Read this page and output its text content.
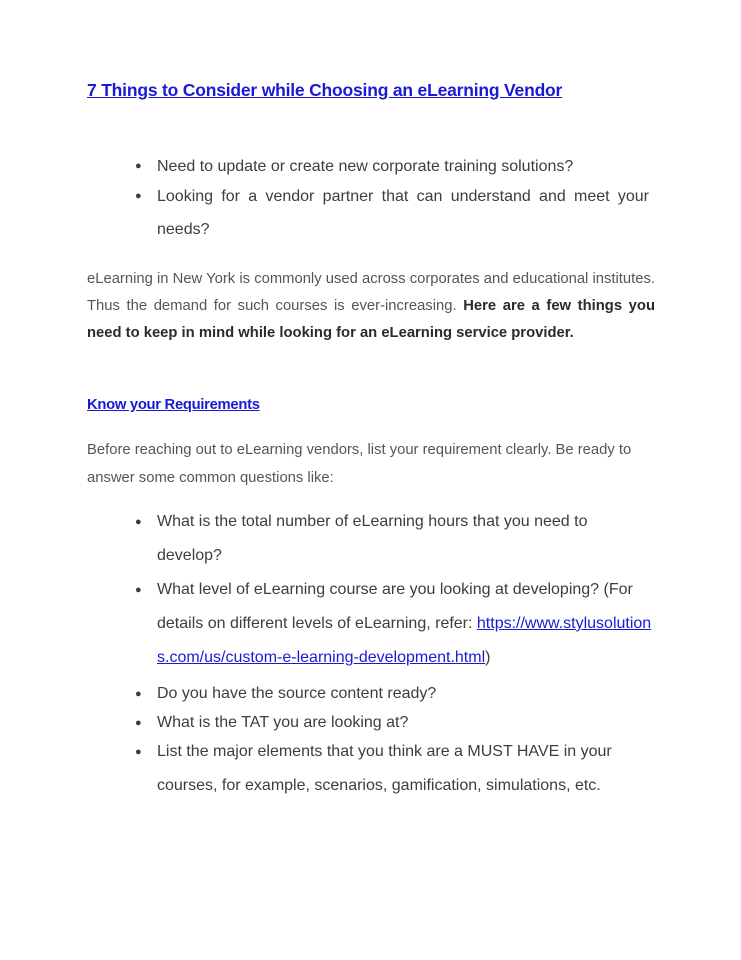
7 Things to Consider while Choosing an eLearning Vendor
● Need to update or create new corporate training solutions?
● Looking for a vendor partner that can understand and meet your needs?

eLearning in New York is commonly used across corporates and educational institutes. Thus the demand for such courses is ever-increasing. Here are a few things you need to keep in mind while looking for an eLearning service provider.

Know your Requirements

Before reaching out to eLearning vendors, list your requirement clearly. Be ready to answer some common questions like:

● What is the total number of eLearning hours that you need to develop?
● What level of eLearning course are you looking at developing? (For details on different levels of eLearning, refer: https://www.stylusolutions.com/us/custom-e-learning-development.html)
● Do you have the source content ready?
● What is the TAT you are looking at?
● List the major elements that you think are a MUST HAVE in your courses, for example, scenarios, gamification, simulations, etc.
